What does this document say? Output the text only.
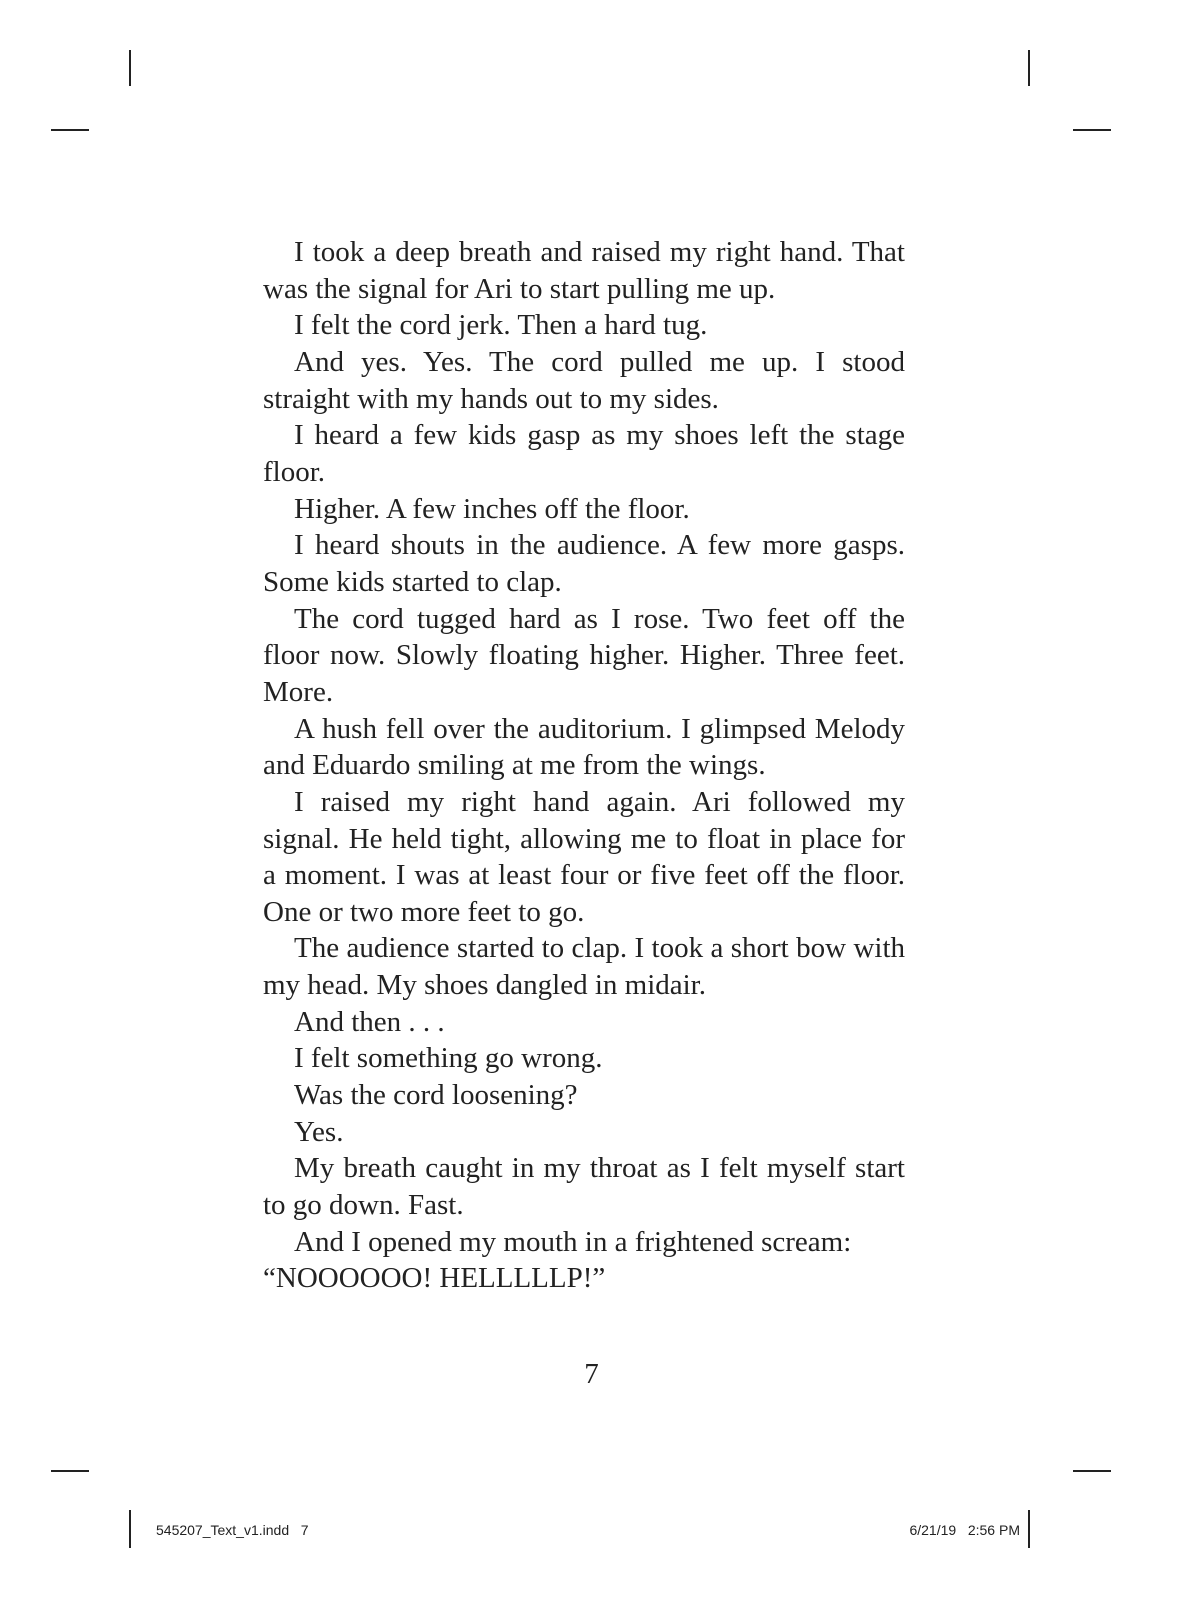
I took a deep breath and raised my right hand. That was the signal for Ari to start pulling me up.

I felt the cord jerk. Then a hard tug.

And yes. Yes. The cord pulled me up. I stood straight with my hands out to my sides.

I heard a few kids gasp as my shoes left the stage floor.

Higher. A few inches off the floor.

I heard shouts in the audience. A few more gasps. Some kids started to clap.

The cord tugged hard as I rose. Two feet off the floor now. Slowly floating higher. Higher. Three feet. More.

A hush fell over the auditorium. I glimpsed Melody and Eduardo smiling at me from the wings.

I raised my right hand again. Ari followed my signal. He held tight, allowing me to float in place for a moment. I was at least four or five feet off the floor. One or two more feet to go.

The audience started to clap. I took a short bow with my head. My shoes dangled in midair.

And then . . .

I felt something go wrong.

Was the cord loosening?

Yes.

My breath caught in my throat as I felt myself start to go down. Fast.

And I opened my mouth in a frightened scream: “NOOOOOO! HELLLLLP!”

7
545207_Text_v1.indd   7	6/21/19   2:56 PM
